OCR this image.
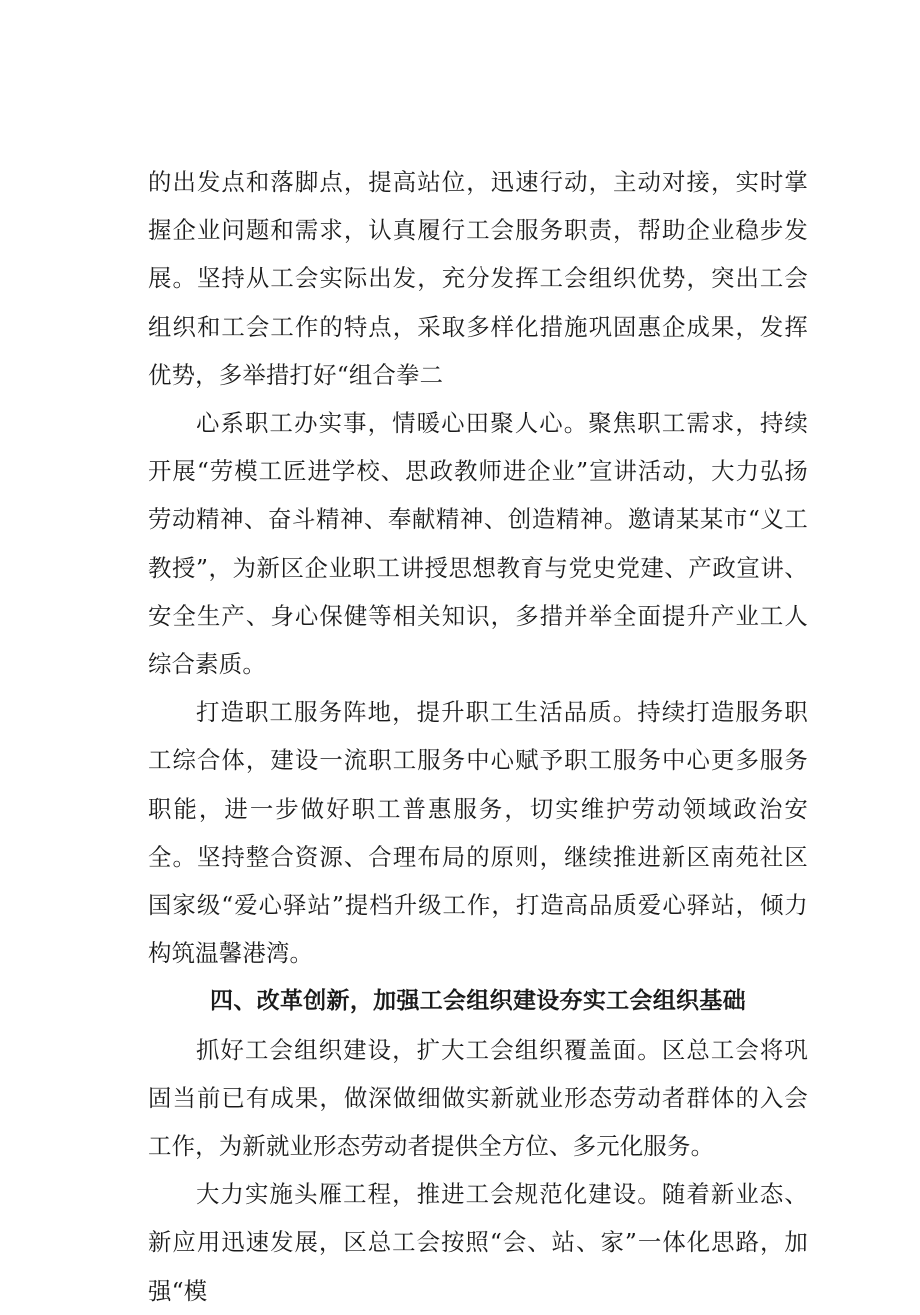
的出发点和落脚点，提高站位，迅速行动，主动对接，实时掌握企业问题和需求，认真履行工会服务职责，帮助企业稳步发展。坚持从工会实际出发，充分发挥工会组织优势，突出工会组织和工会工作的特点，采取多样化措施巩固惠企成果，发挥优势，多举措打好“组合拳二

心系职工办实事，情暖心田聚人心。聚焦职工需求，持续开展“劳模工匠进学校、思政教师进企业”宣讲活动，大力弘扬劳动精神、奋斗精神、奉献精神、创造精神。邀请某某市“义工教授”，为新区企业职工讲授思想教育与党史党建、产政宣讲、安全生产、身心保健等相关知识，多措并举全面提升产业工人综合素质。

打造职工服务阵地，提升职工生活品质。持续打造服务职工综合体，建设一流职工服务中心赋予职工服务中心更多服务职能，进一步做好职工普惠服务，切实维护劳动领域政治安全。坚持整合资源、合理布局的原则，继续推进新区南苑社区国家级“爱心驿站”提档升级工作，打造高品质爱心驿站，倾力构筑温馨港湾。

四、改革创新，加强工会组织建设夯实工会组织基础

抓好工会组织建设，扩大工会组织覆盖面。区总工会将巩固当前已有成果，做深做细做实新就业形态劳动者群体的入会工作，为新就业形态劳动者提供全方位、多元化服务。

大力实施头雁工程，推进工会规范化建设。随着新业态、新应用迅速发展，区总工会按照“会、站、家”一体化思路，加强“模
